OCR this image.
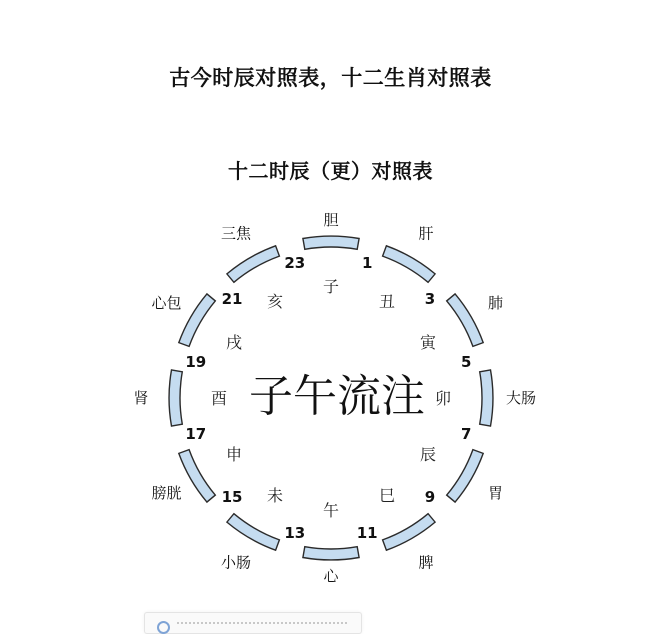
古今时辰对照表，十二生肖对照表
十二时辰（更）对照表
23	1
3
5
7
9
11
13
15
17
19
21
胆
肝
肺
大肠
胃
脾
心
小肠
膀胱
肾
心包
三焦
子
丑
寅
卯
辰
巳
午
未
申
酉
戌
亥
子午流注
